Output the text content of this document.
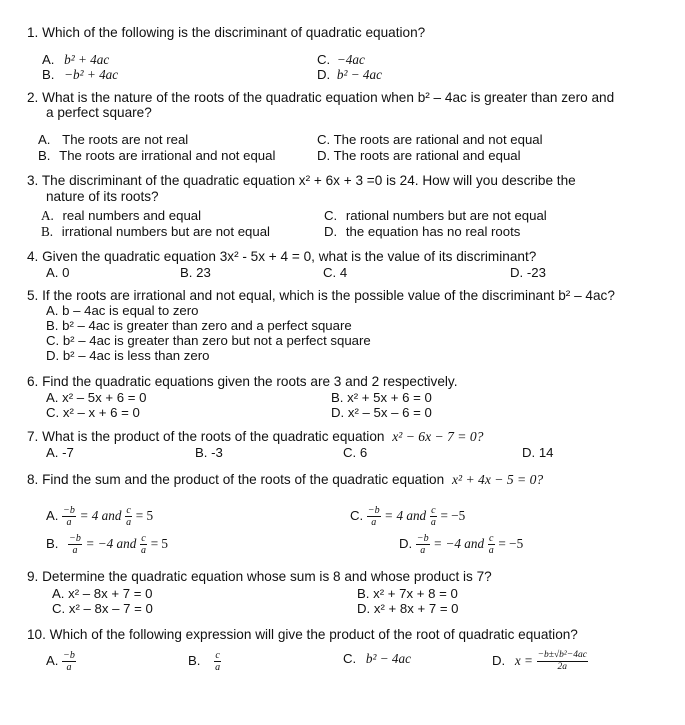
1. Which of the following is the discriminant of quadratic equation?
A. b² + 4ac
B. −b² + 4ac
C. −4ac
D. b² − 4ac
2. What is the nature of the roots of the quadratic equation when b² – 4ac is greater than zero and
a perfect square?
A. The roots are not real
B. The roots are irrational and not equal
C. The roots are rational and not equal
D. The roots are rational and equal
3. The discriminant of the quadratic equation x² + 6x + 3 =0 is 24. How will you describe the
nature of its roots?
A. real numbers and equal
B. irrational numbers but are not equal
C. rational numbers but are not equal
D. the equation has no real roots
4. Given the quadratic equation 3x² - 5x + 4 = 0, what is the value of its discriminant?
A. 0	B. 23	C. 4	D. -23
5. If the roots are irrational and not equal, which is the possible value of the discriminant b² – 4ac?
A. b – 4ac is equal to zero
B. b² – 4ac is greater than zero and a perfect square
C. b² – 4ac is greater than zero but not a perfect square
D. b² – 4ac is less than zero
6. Find the quadratic equations given the roots are 3 and 2 respectively.
A. x² – 5x + 6 = 0
C. x² – x + 6 = 0
B. x² + 5x + 6 = 0
D. x² – 5x – 6 = 0
7. What is the product of the roots of the quadratic equation x² − 6x − 7 = 0?
A. -7	B. -3	C. 6	D. 14
8. Find the sum and the product of the roots of the quadratic equation x² + 4x − 5 = 0?
A. $\frac{-b}{a} = 4$ and $\frac{c}{a} = 5$
B. $\frac{-b}{a} = -4$ and $\frac{c}{a} = 5$
C. $\frac{-b}{a} = 4$ and $\frac{c}{a} = -5$
D. $\frac{-b}{a} = -4$ and $\frac{c}{a} = -5$
9. Determine the quadratic equation whose sum is 8 and whose product is 7?
A. x² – 8x + 7 = 0
C. x² – 8x – 7 = 0
B. x² + 7x + 8 = 0
D. x² + 8x + 7 = 0
10. Which of the following expression will give the product of the root of quadratic equation?
A. $\frac{-b}{a}$	B. $\frac{c}{a}$	C. b² − 4ac	D. $x = \frac{\text{−b±√b²−4ac}}{2a}$
